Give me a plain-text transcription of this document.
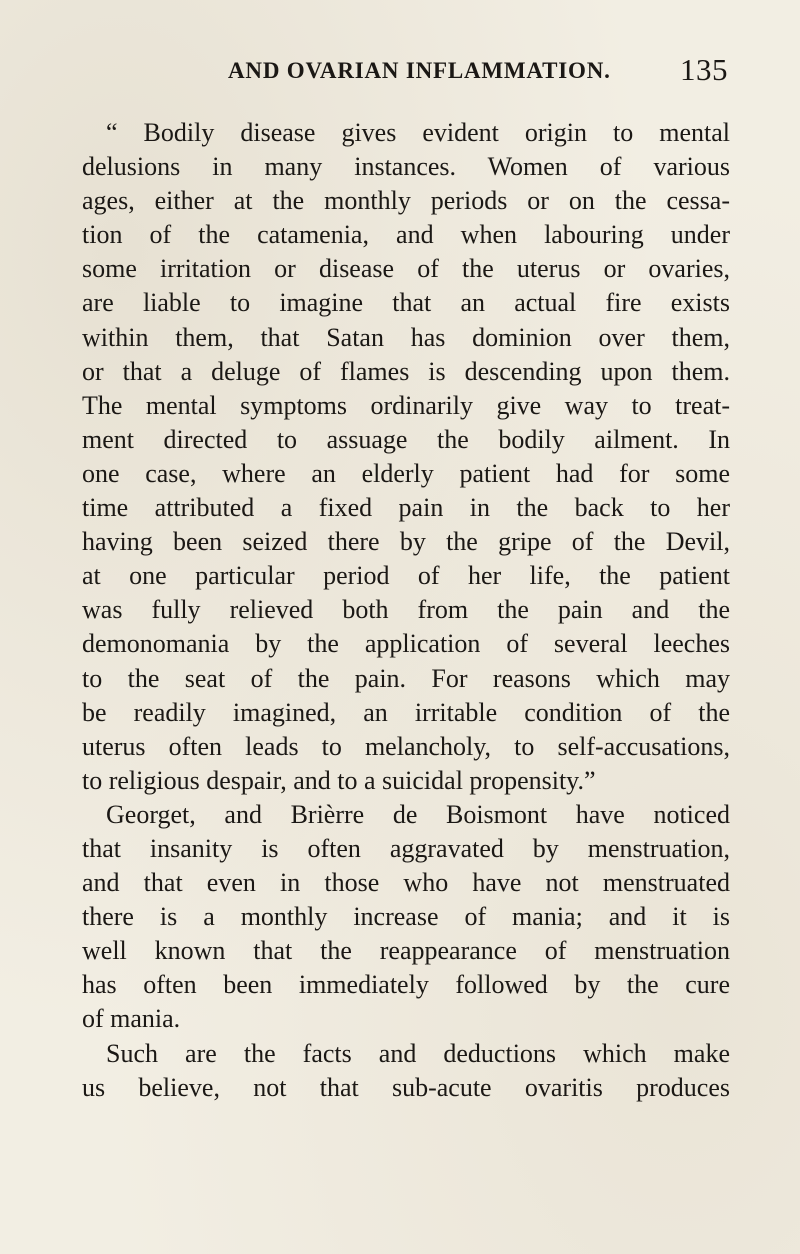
AND OVARIAN INFLAMMATION. 135
“ Bodily disease gives evident origin to mental
delusions in many instances. Women of various
ages, either at the monthly periods or on the cessa-
tion of the catamenia, and when labouring under
some irritation or disease of the uterus or ovaries,
are liable to imagine that an actual fire exists
within them, that Satan has dominion over them,
or that a deluge of flames is descending upon them.
The mental symptoms ordinarily give way to treat-
ment directed to assuage the bodily ailment. In
one case, where an elderly patient had for some
time attributed a fixed pain in the back to her
having been seized there by the gripe of the Devil,
at one particular period of her life, the patient
was fully relieved both from the pain and the
demonomania by the application of several leeches
to the seat of the pain. For reasons which may
be readily imagined, an irritable condition of the
uterus often leads to melancholy, to self-accusations,
to religious despair, and to a suicidal propensity.”
Georget, and Brièrre de Boismont have noticed
that insanity is often aggravated by menstruation,
and that even in those who have not menstruated
there is a monthly increase of mania; and it is
well known that the reappearance of menstruation
has often been immediately followed by the cure
of mania.
Such are the facts and deductions which make
us believe, not that sub-acute ovaritis produces
